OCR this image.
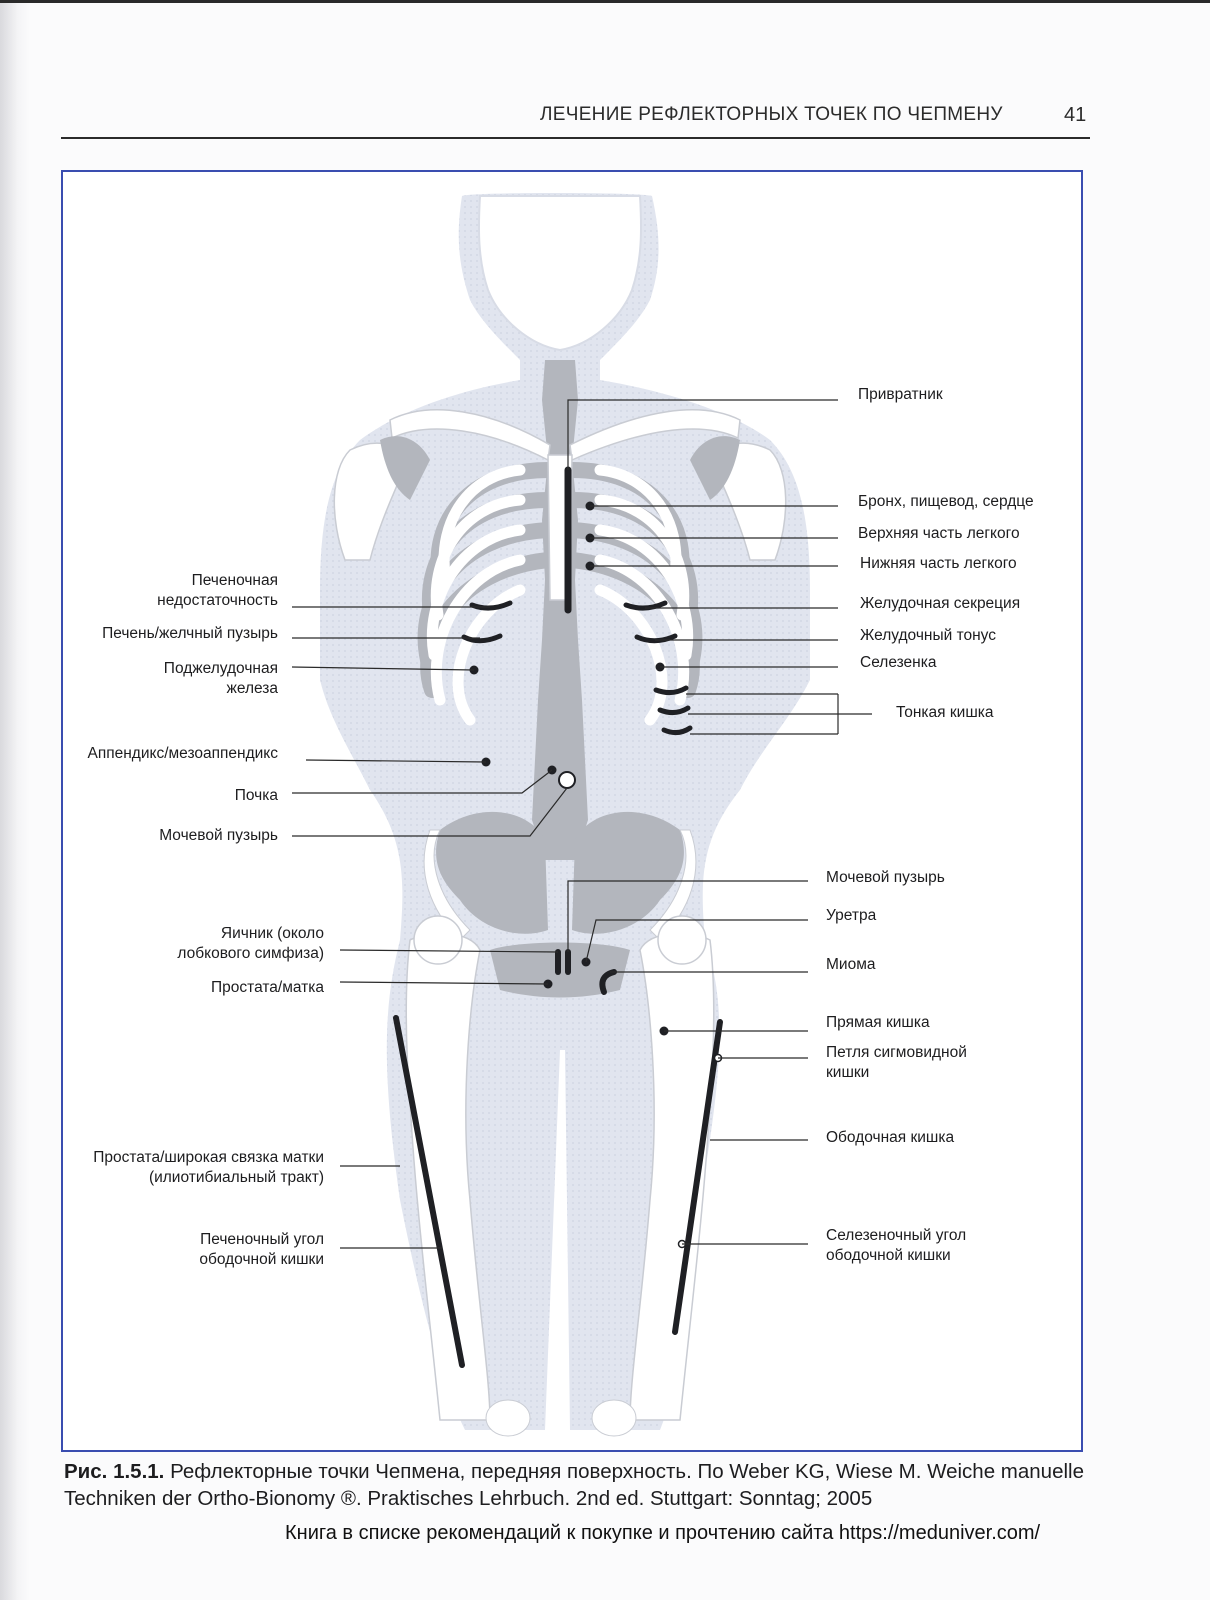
ЛЕЧЕНИЕ РЕФЛЕКТОРНЫХ ТОЧЕК ПО ЧЕПМЕНУ	41
Привратник
Бронх, пищевод, сердце
Верхняя часть легкого
Нижняя часть легкого
Желудочная секреция
Желудочный тонус
Селезенка
Тонкая кишка
Мочевой пузырь
Уретра
Миома
Прямая кишка
Петля сигмовидной
кишки
Ободочная кишка
Селезеночный угол
ободочной кишки
Печеночная
недостаточность
Печень/желчный пузырь
Поджелудочная
железа
Аппендикс/мезоаппендикс
Почка
Мочевой пузырь
Яичник (около
лобкового симфиза)
Простата/матка
Простата/широкая связка матки
(илиотибиальный тракт)
Печеночный угол
ободочной кишки
Рис. 1.5.1. Рефлекторные точки Чепмена, передняя поверхность. По Weber KG, Wiese M. Weiche manuelle Techniken der Ortho-Bionomy ®. Praktisches Lehrbuch. 2nd ed. Stuttgart: Sonntag; 2005
Книга в списке рекомендаций к покупке и прочтению сайта https://meduniver.com/
